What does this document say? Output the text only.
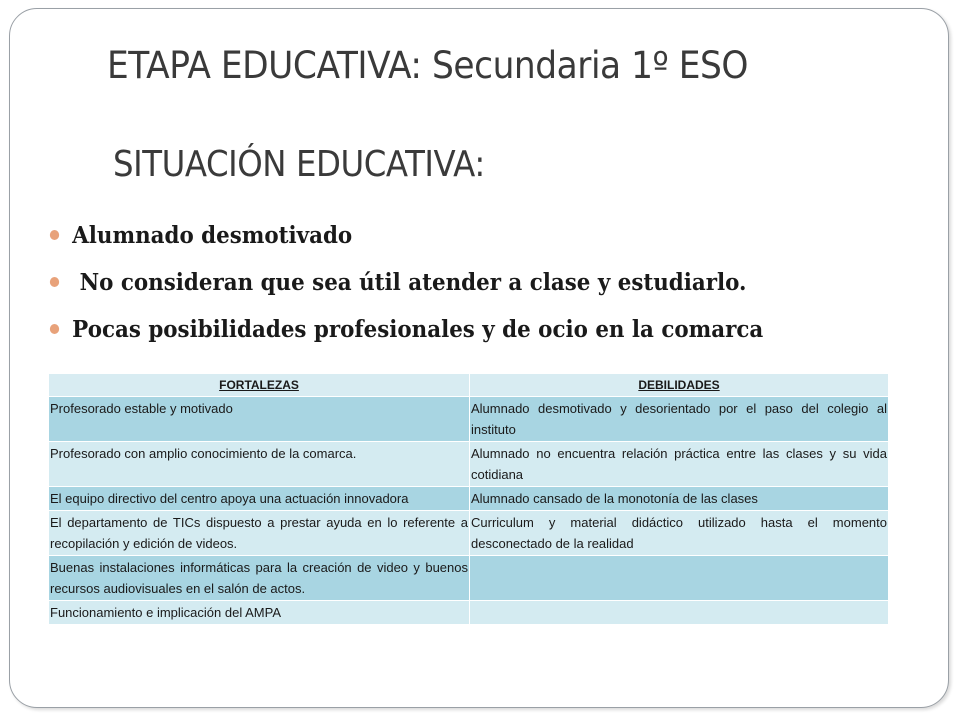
ETAPA EDUCATIVA: Secundaria 1º ESO
SITUACIÓN EDUCATIVA:
Alumnado desmotivado
No consideran que sea útil atender a clase y estudiarlo.
Pocas posibilidades profesionales y de ocio en la comarca
FORTALEZAS	DEBILIDADES
Profesorado estable y motivado	Alumnado desmotivado y desorientado por el paso del colegio al instituto
Profesorado con amplio conocimiento de la comarca.	Alumnado no encuentra relación práctica entre las clases y su vida cotidiana
El equipo directivo del centro apoya una actuación innovadora	Alumnado cansado de la monotonía de las clases
El departamento de TICs dispuesto a prestar ayuda en lo referente a recopilación y edición de videos.	Curriculum y material didáctico utilizado hasta el momento desconectado de la realidad
Buenas instalaciones informáticas para la creación de video y buenos recursos audiovisuales en el salón de actos.	
Funcionamiento e implicación del AMPA	
